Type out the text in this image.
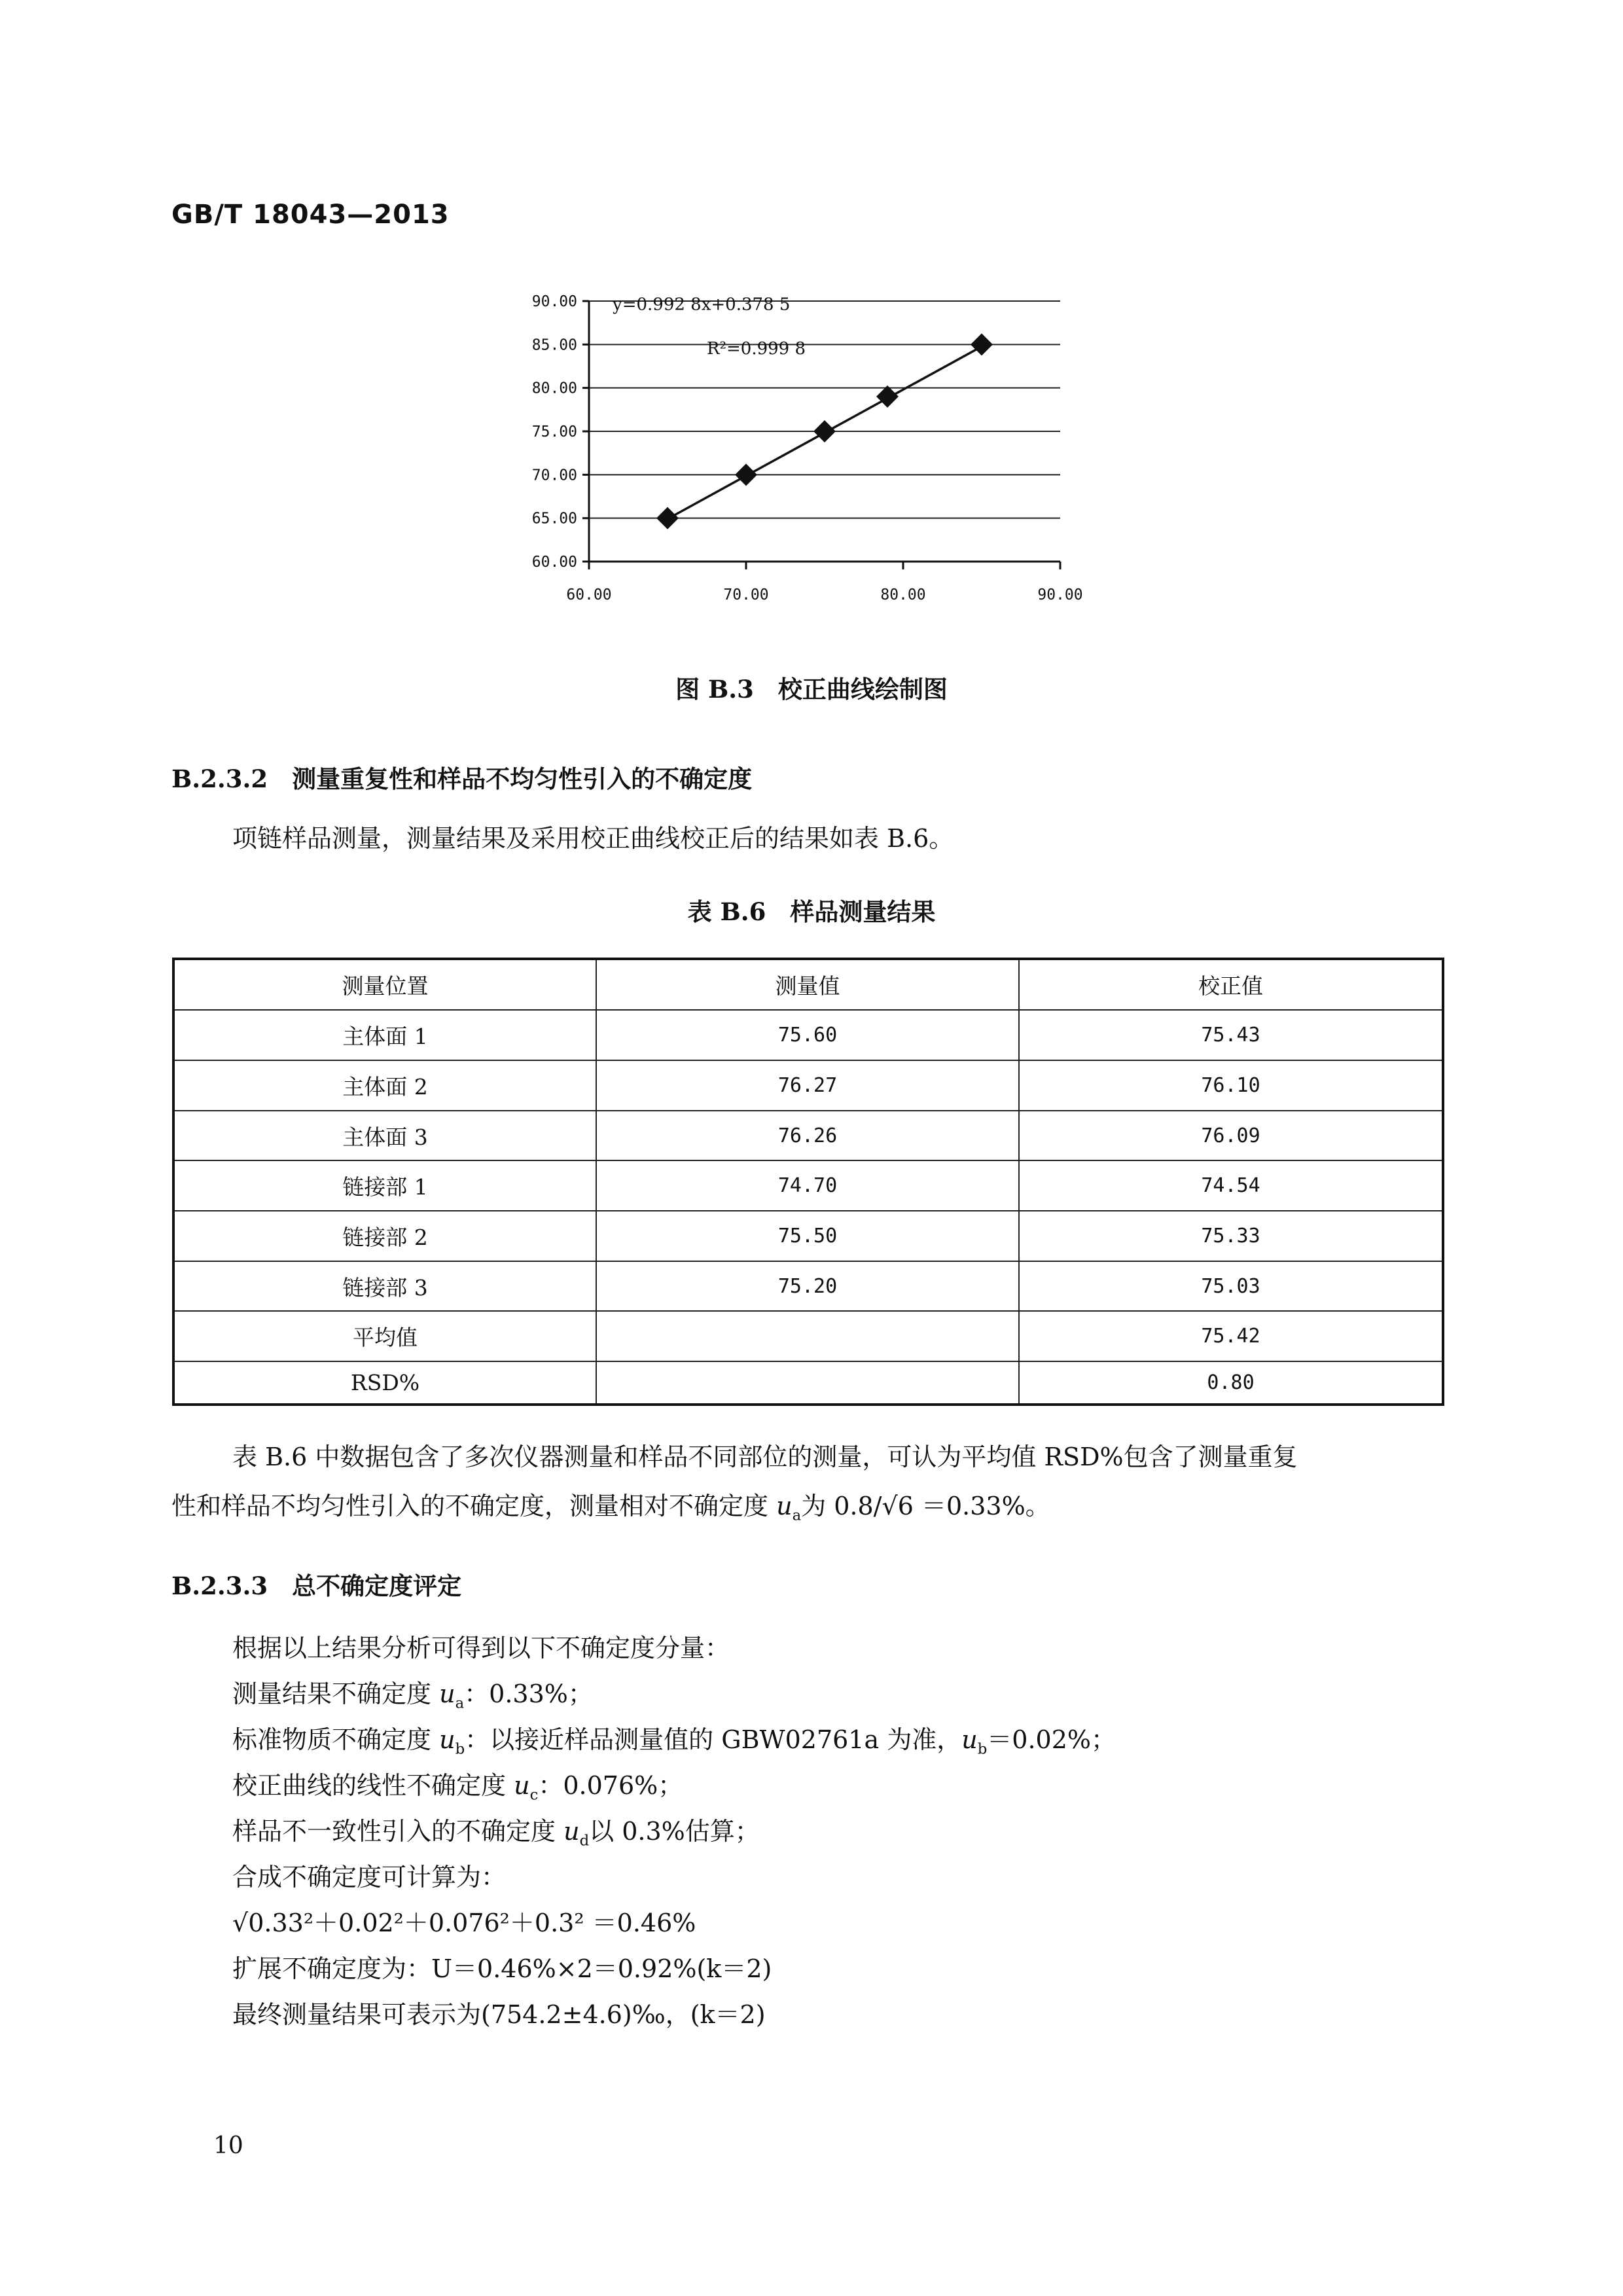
GB/T 18043—2013
60.00
65.00
70.00
75.00
80.00
85.00
90.00
60.00	70.00	80.00	90.00
y=0.992 8x+0.378 5
R²=0.999 8
图 B.3　校正曲线绘制图
B.2.3.2　测量重复性和样品不均匀性引入的不确定度
项链样品测量，测量结果及采用校正曲线校正后的结果如表 B.6。
表 B.6　样品测量结果
测量位置	测量值	校正值
主体面 1	75.60	75.43
主体面 2	76.27	76.10
主体面 3	76.26	76.09
链接部 1	74.70	74.54
链接部 2	75.50	75.33
链接部 3	75.20	75.03
平均值		75.42
RSD%		0.80
表 B.6 中数据包含了多次仪器测量和样品不同部位的测量，可认为平均值 RSD%包含了测量重复
性和样品不均匀性引入的不确定度，测量相对不确定度 $u_a$为 0.8/√6 ＝0.33%。
B.2.3.3　总不确定度评定
根据以上结果分析可得到以下不确定度分量：
测量结果不确定度 $u_a$：0.33%；
标准物质不确定度 $u_b$：以接近样品测量值的 GBW02761a 为准，$u_b=0.02\%$；
校正曲线的线性不确定度 $u_c$：0.076%；
样品不一致性引入的不确定度 $u_d$以 0.3%估算；
合成不确定度可计算为：
√0.33²＋0.02²＋0.076²＋0.3² ＝0.46%
扩展不确定度为：U＝0.46%×2＝0.92%(k＝2)
最终测量结果可表示为(754.2±4.6)‰，(k＝2)
10
